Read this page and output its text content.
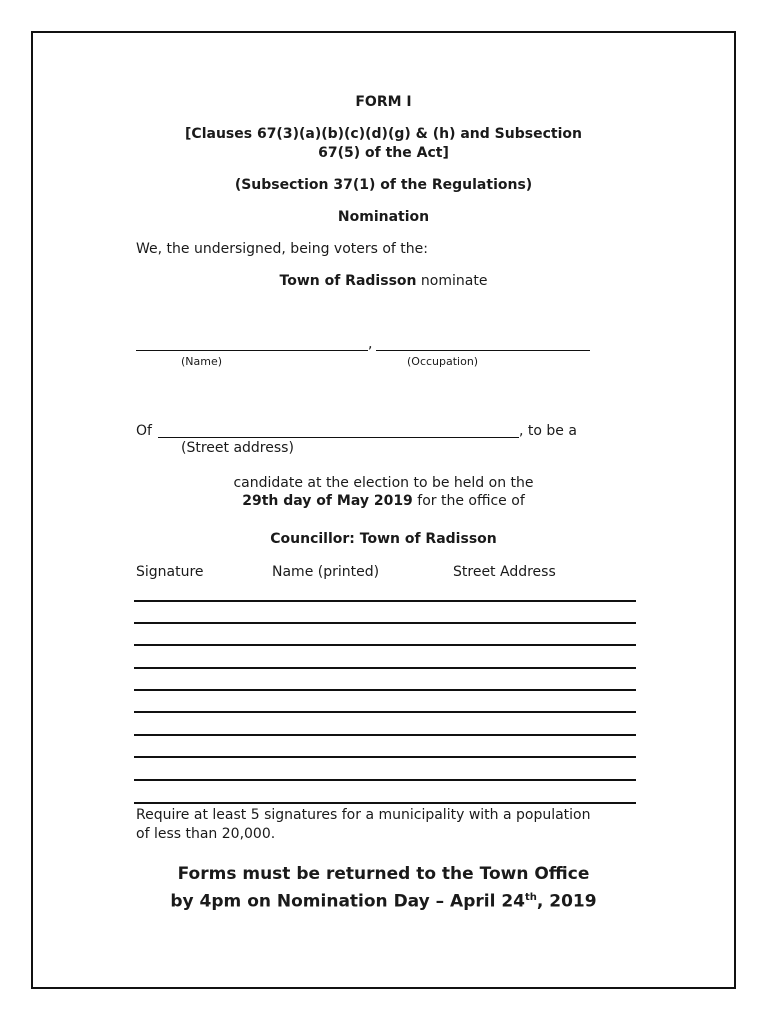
FORM I
[Clauses 67(3)(a)(b)(c)(d)(g) & (h) and Subsection
67(5) of the Act]
(Subsection 37(1) of the Regulations)
Nomination
We, the undersigned, being voters of the:
Town of Radisson nominate
,
(Name)	(Occupation)
Of	, to be a
(Street address)
candidate at the election to be held on the
29th day of May 2019 for the office of
Councillor: Town of Radisson
Signature	Name (printed)	Street Address
Require at least 5 signatures for a municipality with a population
of less than 20,000.
Forms must be returned to the Town Office
by 4pm on Nomination Day – April 24th, 2019
